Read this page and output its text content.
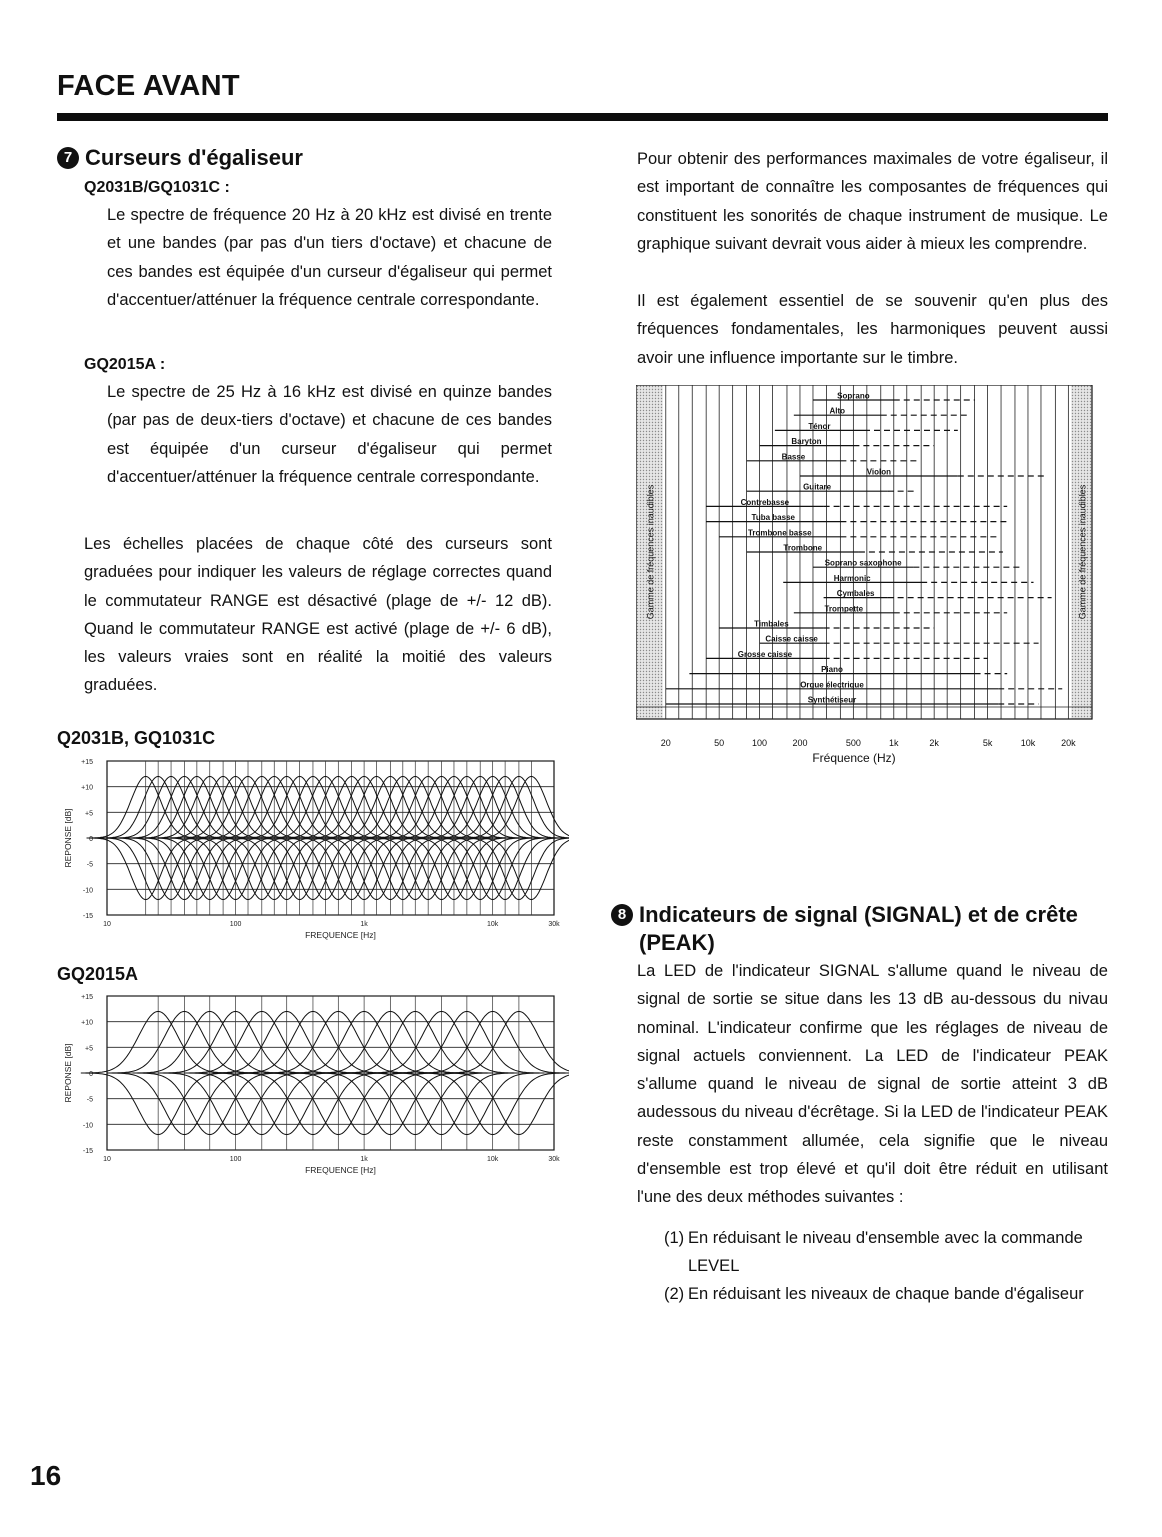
FACE AVANT
7 Curseurs d'égaliseur
Q2031B/GQ1031C :
Le spectre de fréquence 20 Hz à 20 kHz est divisé en trente et une bandes (par pas d'un tiers d'octave) et chacune de ces bandes est équipée d'un curseur d'égaliseur qui permet d'accentuer/atténuer la fréquence centrale correspondante.
GQ2015A :
Le spectre de 25 Hz à 16 kHz est divisé en quinze bandes (par pas de deux-tiers d'octave) et chacune de ces bandes est équipée d'un curseur d'égaliseur qui permet d'accentuer/atténuer la fréquence centrale correspondante.
Les échelles placées de chaque côté des curseurs sont graduées pour indiquer les valeurs de réglage correctes quand le commutateur RANGE est désactivé (plage de +/- 12 dB). Quand le commutateur RANGE est activé (plage de +/- 6 dB), les valeurs vraies sont en réalité la moitié des valeurs graduées.
Q2031B, GQ1031C
+15
+10
+5
0
-5
-10
-15
10	100	1k	10k	30k
FREQUENCE [Hz]
REPONSE [dB]
GQ2015A
+15
+10
+5
0
-5
-10
-15
10	100	1k	10k	30k
FREQUENCE [Hz]
REPONSE [dB]
Pour obtenir des performances maximales de votre égaliseur, il est important de connaître les composantes de fréquences qui constituent les sonorités de chaque instrument de musique. Le graphique suivant devrait vous aider à mieux les comprendre.
Il est également essentiel de se souvenir qu'en plus des fréquences fondamentales, les harmoniques peuvent aussi avoir une influence importante sur le timbre.
Gamme de fréquences inaudibles	Gamme de fréquences inaudibles
Soprano
Alto
Ténor
Baryton
Basse
Violon
Guitare
Contrebasse
Tuba basse
Trombone basse
Trombone
Soprano saxophone
Harmonic
Cymbales
Trompette
Timbales
Caisse caisse
Grosse caisse
Piano
Orgue électrique
Synthétiseur
20	50	100	200	500	1k	2k	5k	10k	20k
Fréquence (Hz)
8 Indicateurs de signal (SIGNAL) et de crête
(PEAK)
La LED de l'indicateur SIGNAL s'allume quand le niveau de signal de sortie se situe dans les 13 dB au-dessous du nivau nominal. L'indicateur confirme que les réglages de niveau de signal actuels conviennent. La LED de l'indicateur PEAK s'allume quand le niveau de signal de sortie atteint 3 dB audessous du niveau d'écrêtage. Si la LED de l'indicateur PEAK reste constamment allumée, cela signifie que le niveau d'ensemble est trop élevé et qu'il doit être réduit en utilisant l'une des deux méthodes suivantes :
(1) En réduisant le niveau d'ensemble avec la commande
LEVEL
(2) En réduisant les niveaux de chaque bande d'égaliseur
16
